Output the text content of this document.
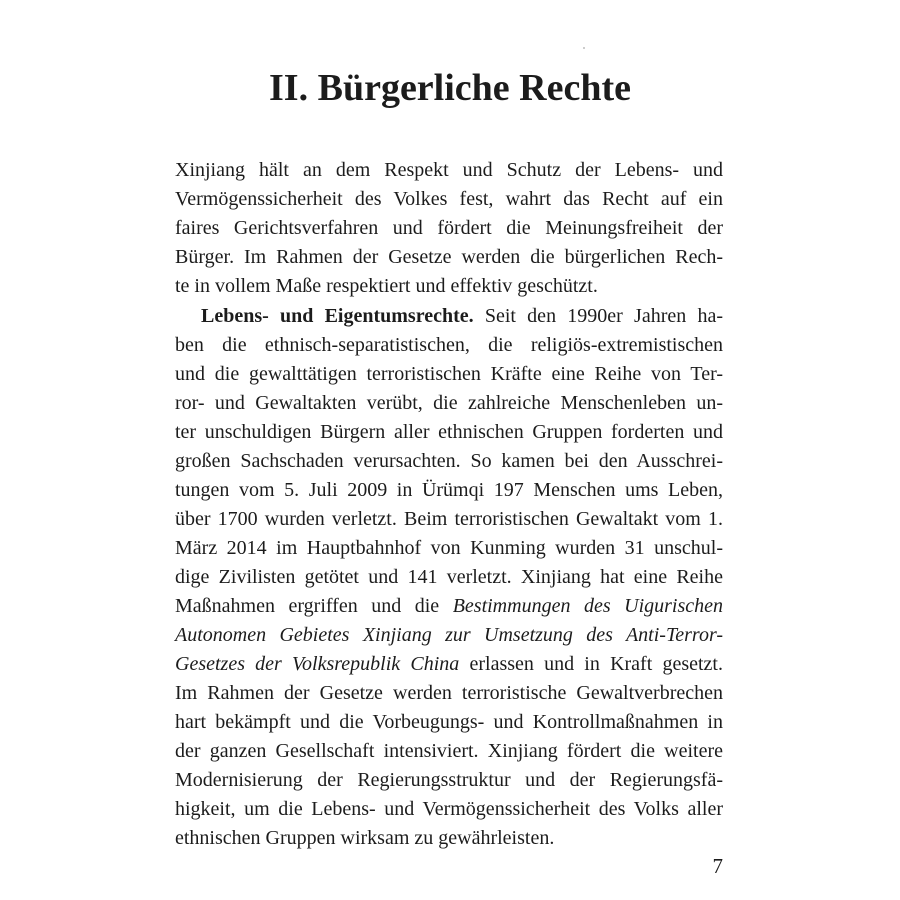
II. Bürgerliche Rechte
Xinjiang hält an dem Respekt und Schutz der Lebens- und
Vermögenssicherheit des Volkes fest, wahrt das Recht auf ein
faires Gerichtsverfahren und fördert die Meinungsfreiheit der
Bürger. Im Rahmen der Gesetze werden die bürgerlichen Rech-
te in vollem Maße respektiert und effektiv geschützt.
Lebens- und Eigentumsrechte. Seit den 1990er Jahren ha-
ben die ethnisch-separatistischen, die religiös-extremistischen
und die gewalttätigen terroristischen Kräfte eine Reihe von Ter-
ror- und Gewaltakten verübt, die zahlreiche Menschenleben un-
ter unschuldigen Bürgern aller ethnischen Gruppen forderten und
großen Sachschaden verursachten. So kamen bei den Ausschrei-
tungen vom 5. Juli 2009 in Ürümqi 197 Menschen ums Leben,
über 1700 wurden verletzt. Beim terroristischen Gewaltakt vom 1.
März 2014 im Hauptbahnhof von Kunming wurden 31 unschul-
dige Zivilisten getötet und 141 verletzt. Xinjiang hat eine Reihe
Maßnahmen ergriffen und die Bestimmungen des Uigurischen
Autonomen Gebietes Xinjiang zur Umsetzung des Anti-Terror-
Gesetzes der Volksrepublik China erlassen und in Kraft gesetzt.
Im Rahmen der Gesetze werden terroristische Gewaltverbrechen
hart bekämpft und die Vorbeugungs- und Kontrollmaßnahmen in
der ganzen Gesellschaft intensiviert. Xinjiang fördert die weitere
Modernisierung der Regierungsstruktur und der Regierungsfä-
higkeit, um die Lebens- und Vermögenssicherheit des Volks aller
ethnischen Gruppen wirksam zu gewährleisten.
7
